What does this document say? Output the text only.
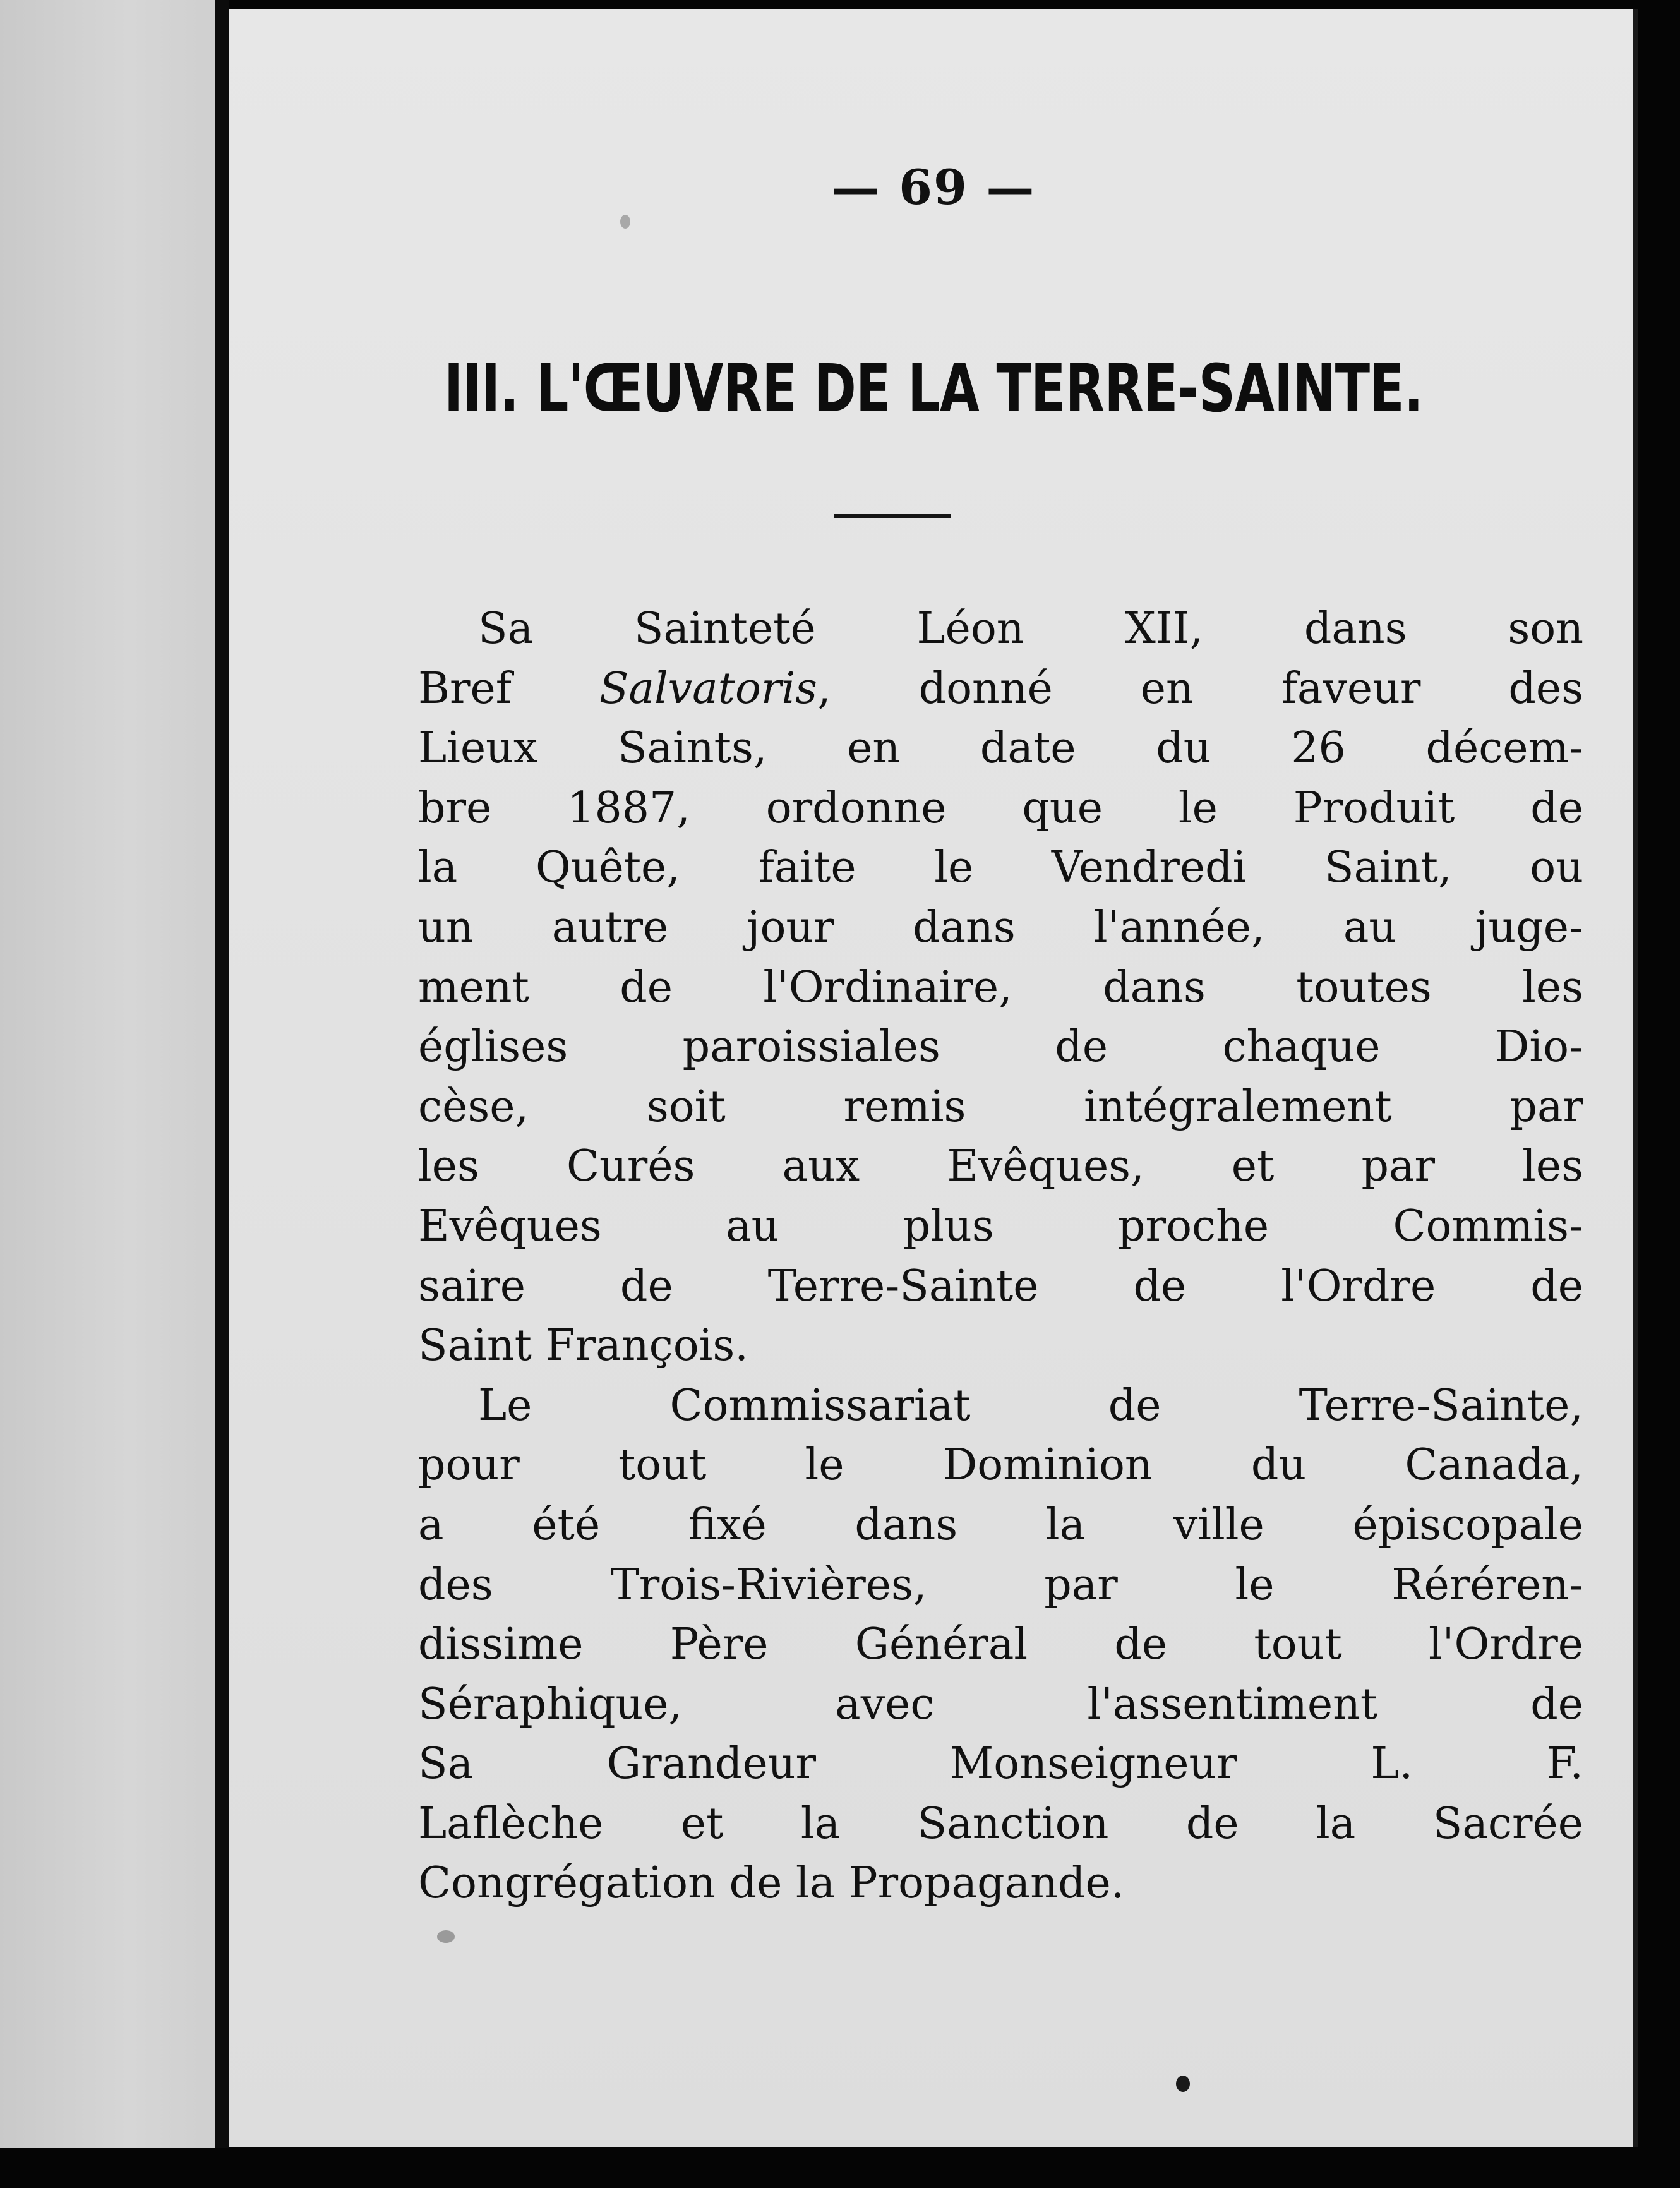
— 69 —
III. L'ŒUVRE DE LA TERRE-SAINTE.

Sa Sainteté Léon XII, dans son

Bref Salvatoris, donné en faveur des

Lieux Saints, en date du 26 décem-

bre 1887, ordonne que le Produit de

la Quête, faite le Vendredi Saint, ou

un autre jour dans l'année, au juge-

ment de l'Ordinaire, dans toutes les

églises paroissiales de chaque Dio-

cèse, soit remis intégralement par

les Curés aux Evêques, et par les

Evêques au plus proche Commis-

saire de Terre-Sainte de l'Ordre de

Saint François.

Le Commissariat de Terre-Sainte,

pour tout le Dominion du Canada,

a été fixé dans la ville épiscopale

des Trois-Rivières, par le Réréren-

dissime Père Général de tout l'Ordre

Séraphique, avec l'assentiment de

Sa Grandeur Monseigneur L. F.

Laflèche et la Sanction de la Sacrée

Congrégation de la Propagande.
